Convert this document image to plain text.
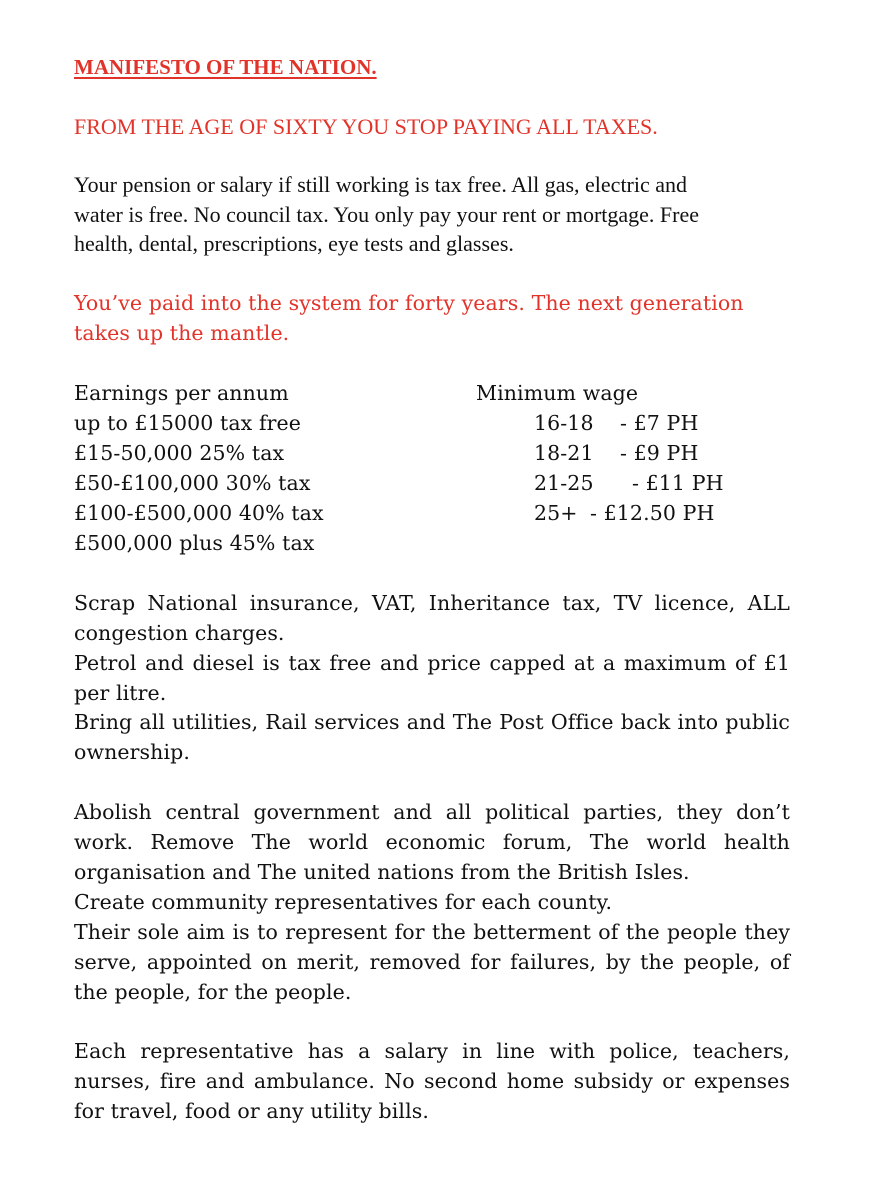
MANIFESTO OF THE NATION.
FROM THE AGE OF SIXTY YOU STOP PAYING ALL TAXES.
Your pension or salary if still working is tax free. All gas, electric and
water is free. No council tax. You only pay your rent or mortgage. Free
health, dental, prescriptions, eye tests and glasses.
You’ve paid into the system for forty years. The next generation
takes up the mantle.
Earnings per annum
up to £15000 tax free
£15-50,000 25% tax
£50-£100,000 30% tax
£100-£500,000 40% tax
£500,000 plus 45% tax
Minimum wage
16-18 - £7 PH
18-21 - £9 PH
21-25 - £11 PH
25+ - £12.50 PH
Scrap National insurance, VAT, Inheritance tax, TV licence, ALL
congestion charges.
Petrol and diesel is tax free and price capped at a maximum of £1
per litre.
Bring all utilities, Rail services and The Post Office back into public
ownership.
Abolish central government and all political parties, they don’t
work. Remove The world economic forum, The world health
organisation and The united nations from the British Isles.
Create community representatives for each county.
Their sole aim is to represent for the betterment of the people they
serve, appointed on merit, removed for failures, by the people, of
the people, for the people.
Each representative has a salary in line with police, teachers,
nurses, fire and ambulance. No second home subsidy or expenses
for travel, food or any utility bills.
